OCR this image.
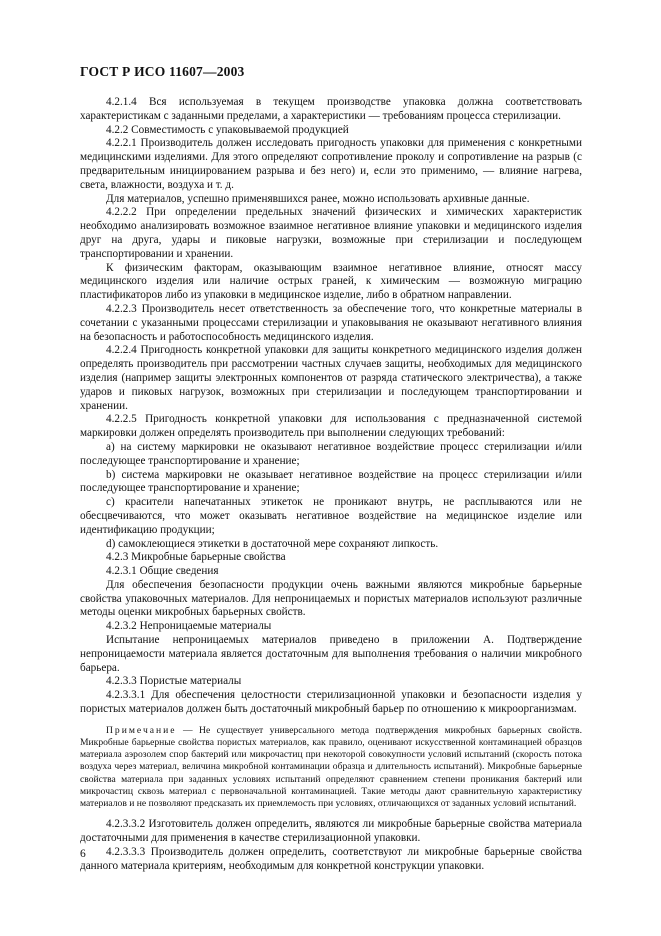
ГОСТ Р ИСО 11607—2003

4.2.1.4 Вся используемая в текущем производстве упаковка должна соответствовать характеристикам с заданными пределами, а характеристики — требованиям процесса стерилизации.

4.2.2 Совместимость с упаковываемой продукцией

4.2.2.1 Производитель должен исследовать пригодность упаковки для применения с конкретными медицинскими изделиями. Для этого определяют сопротивление проколу и сопротивление на разрыв (с предварительным инициированием разрыва и без него) и, если это применимо, — влияние нагрева, света, влажности, воздуха и т. д.

Для материалов, успешно применявшихся ранее, можно использовать архивные данные.

4.2.2.2 При определении предельных значений физических и химических характеристик необходимо анализировать возможное взаимное негативное влияние упаковки и медицинского изделия друг на друга, удары и пиковые нагрузки, возможные при стерилизации и последующем транспортировании и хранении.

К физическим факторам, оказывающим взаимное негативное влияние, относят массу медицинского изделия или наличие острых граней, к химическим — возможную миграцию пластификаторов либо из упаковки в медицинское изделие, либо в обратном направлении.

4.2.2.3 Производитель несет ответственность за обеспечение того, что конкретные материалы в сочетании с указанными процессами стерилизации и упаковывания не оказывают негативного влияния на безопасность и работоспособность медицинского изделия.

4.2.2.4 Пригодность конкретной упаковки для защиты конкретного медицинского изделия должен определять производитель при рассмотрении частных случаев защиты, необходимых для медицинского изделия (например защиты электронных компонентов от разряда статического электричества), а также ударов и пиковых нагрузок, возможных при стерилизации и последующем транспортировании и хранении.

4.2.2.5 Пригодность конкретной упаковки для использования с предназначенной системой маркировки должен определять производитель при выполнении следующих требований:

a) на систему маркировки не оказывают негативное воздействие процесс стерилизации и/или последующее транспортирование и хранение;

b) система маркировки не оказывает негативное воздействие на процесс стерилизации и/или последующее транспортирование и хранение;

c) красители напечатанных этикеток не проникают внутрь, не расплываются или не обесцвечиваются, что может оказывать негативное воздействие на медицинское изделие или идентификацию продукции;

d) самоклеющиеся этикетки в достаточной мере сохраняют липкость.

4.2.3 Микробные барьерные свойства

4.2.3.1 Общие сведения

Для обеспечения безопасности продукции очень важными являются микробные барьерные свойства упаковочных материалов. Для непроницаемых и пористых материалов используют различные методы оценки микробных барьерных свойств.

4.2.3.2 Непроницаемые материалы

Испытание непроницаемых материалов приведено в приложении А. Подтверждение непроницаемости материала является достаточным для выполнения требования о наличии микробного барьера.

4.2.3.3 Пористые материалы

4.2.3.3.1 Для обеспечения целостности стерилизационной упаковки и безопасности изделия у пористых материалов должен быть достаточный микробный барьер по отношению к микроорганизмам.

Примечание — Не существует универсального метода подтверждения микробных барьерных свойств. Микробные барьерные свойства пористых материалов, как правило, оценивают искусственной контаминацией образцов материала аэрозолем спор бактерий или микрочастиц при некоторой совокупности условий испытаний (скорость потока воздуха через материал, величина микробной контаминации образца и длительность испытаний). Микробные барьерные свойства материала при заданных условиях испытаний определяют сравнением степени проникания бактерий или микрочастиц сквозь материал с первоначальной контаминацией. Такие методы дают сравнительную характеристику материалов и не позволяют предсказать их приемлемость при условиях, отличающихся от заданных условий испытаний.

4.2.3.3.2 Изготовитель должен определить, являются ли микробные барьерные свойства материала достаточными для применения в качестве стерилизационной упаковки.

4.2.3.3.3 Производитель должен определить, соответствуют ли микробные барьерные свойства данного материала критериям, необходимым для конкретной конструкции упаковки.

6
